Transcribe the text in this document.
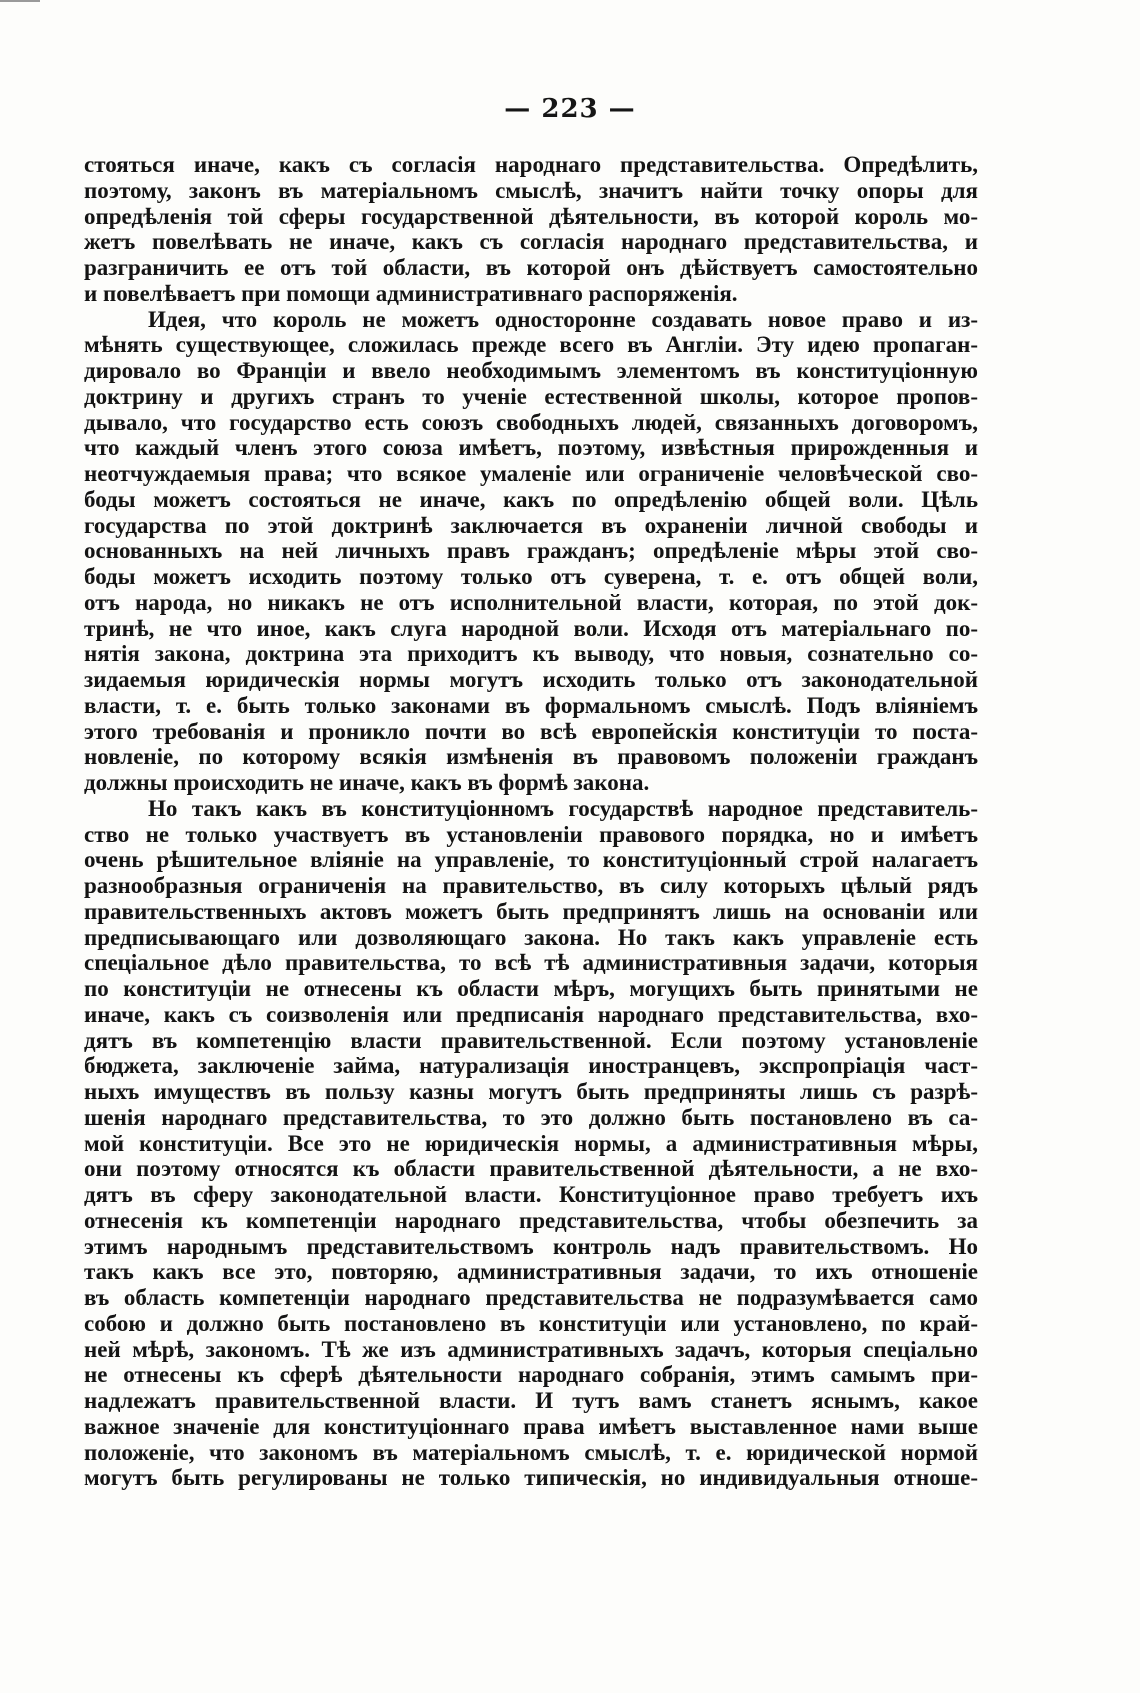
— 223 —
стояться иначе, какъ съ согласія народнаго представительства. Опредѣлить,
поэтому, законъ въ матеріальномъ смыслѣ, значитъ найти точку опоры для
опредѣленія той сферы государственной дѣятельности, въ которой король мо-
жетъ повелѣвать не иначе, какъ съ согласія народнаго представительства, и
разграничить ее отъ той области, въ которой онъ дѣйствуетъ самостоятельно
и повелѣваетъ при помощи административнаго распоряженія.
Идея, что король не можетъ односторонне создавать новое право и из-
мѣнять существующее, сложилась прежде всего въ Англіи. Эту идею пропаган-
дировало во Франціи и ввело необходимымъ элементомъ въ конституціонную
доктрину и другихъ странъ то ученіе естественной школы, которое пропов-
дывало, что государство есть союзъ свободныхъ людей, связанныхъ договоромъ,
что каждый членъ этого союза имѣетъ, поэтому, извѣстныя прирожденныя и
неотчуждаемыя права; что всякое умаленіе или ограниченіе человѣческой сво-
боды можетъ состояться не иначе, какъ по опредѣленію общей воли. Цѣль
государства по этой доктринѣ заключается въ охраненіи личной свободы и
основанныхъ на ней личныхъ правъ гражданъ; опредѣленіе мѣры этой сво-
боды можетъ исходить поэтому только отъ суверена, т. е. отъ общей воли,
отъ народа, но никакъ не отъ исполнительной власти, которая, по этой док-
тринѣ, не что иное, какъ слуга народной воли. Исходя отъ матеріальнаго по-
нятія закона, доктрина эта приходитъ къ выводу, что новыя, сознательно со-
зидаемыя юридическія нормы могутъ исходить только отъ законодательной
власти, т. е. быть только законами въ формальномъ смыслѣ. Подъ вліяніемъ
этого требованія и проникло почти во всѣ европейскія конституціи то поста-
новленіе, по которому всякія измѣненія въ правовомъ положеніи гражданъ
должны происходить не иначе, какъ въ формѣ закона.
Но такъ какъ въ конституціонномъ государствѣ народное представитель-
ство не только участвуетъ въ установленіи правового порядка, но и имѣетъ
очень рѣшительное вліяніе на управленіе, то конституціонный строй налагаетъ
разнообразныя ограниченія на правительство, въ силу которыхъ цѣлый рядъ
правительственныхъ актовъ можетъ быть предпринятъ лишь на основаніи или
предписывающаго или дозволяющаго закона. Но такъ какъ управленіе есть
спеціальное дѣло правительства, то всѣ тѣ административныя задачи, которыя
по конституціи не отнесены къ области мѣръ, могущихъ быть принятыми не
иначе, какъ съ соизволенія или предписанія народнаго представительства, вхо-
дятъ въ компетенцію власти правительственной. Если поэтому установленіе
бюджета, заключеніе займа, натурализація иностранцевъ, экспропріація част-
ныхъ имуществъ въ пользу казны могутъ быть предприняты лишь съ разрѣ-
шенія народнаго представительства, то это должно быть постановлено въ са-
мой конституціи. Все это не юридическія нормы, а административныя мѣры,
они поэтому относятся къ области правительственной дѣятельности, а не вхо-
дятъ въ сферу законодательной власти. Конституціонное право требуетъ ихъ
отнесенія къ компетенціи народнаго представительства, чтобы обезпечить за
этимъ народнымъ представительствомъ контроль надъ правительствомъ. Но
такъ какъ все это, повторяю, административныя задачи, то ихъ отношеніе
въ область компетенціи народнаго представительства не подразумѣвается само
собою и должно быть постановлено въ конституціи или установлено, по край-
ней мѣрѣ, закономъ. Тѣ же изъ административныхъ задачъ, которыя спеціально
не отнесены къ сферѣ дѣятельности народнаго собранія, этимъ самымъ при-
надлежатъ правительственной власти. И тутъ вамъ станетъ яснымъ, какое
важное значеніе для конституціоннаго права имѣетъ выставленное нами выше
положеніе, что закономъ въ матеріальномъ смыслѣ, т. е. юридической нормой
могутъ быть регулированы не только типическія, но индивидуальныя отноше-
